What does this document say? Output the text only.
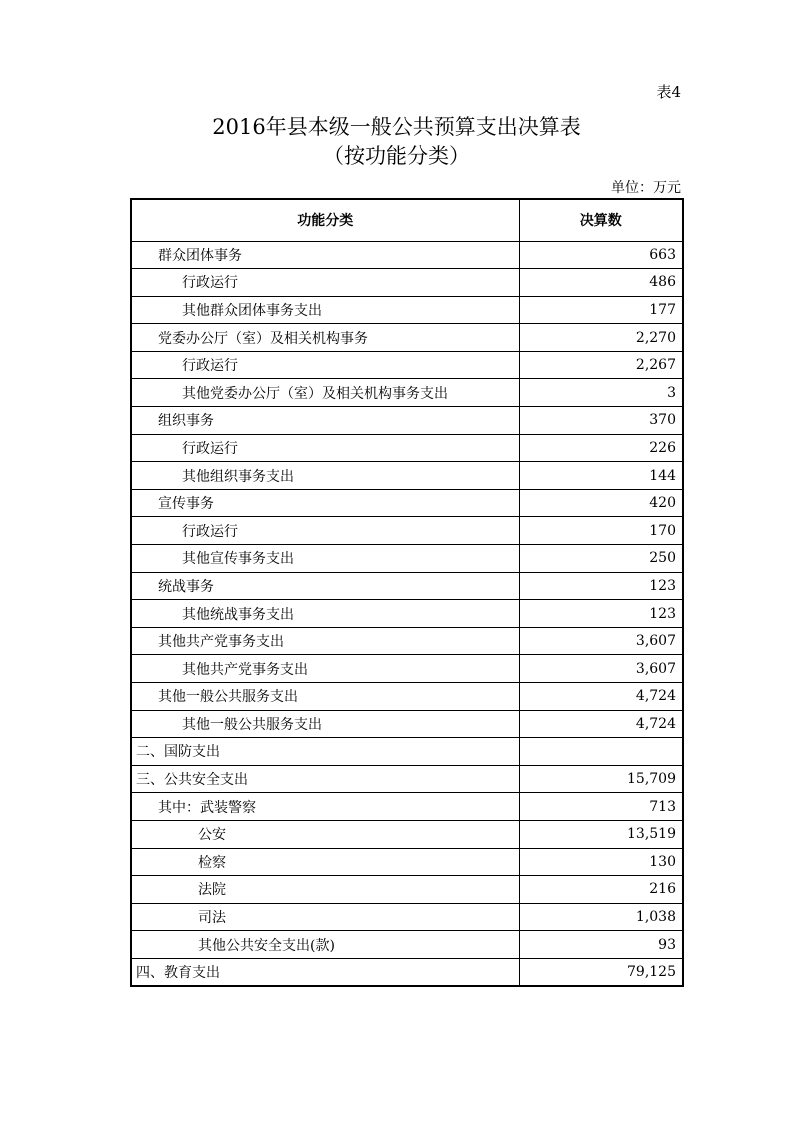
表4
2016年县本级一般公共预算支出决算表
（按功能分类）
单位：万元
功能分类	决算数
群众团体事务	663
行政运行	486
其他群众团体事务支出	177
党委办公厅（室）及相关机构事务	2,270
行政运行	2,267
其他党委办公厅（室）及相关机构事务支出	3
组织事务	370
行政运行	226
其他组织事务支出	144
宣传事务	420
行政运行	170
其他宣传事务支出	250
统战事务	123
其他统战事务支出	123
其他共产党事务支出	3,607
其他共产党事务支出	3,607
其他一般公共服务支出	4,724
其他一般公共服务支出	4,724
二、国防支出	
三、公共安全支出	15,709
其中：武装警察	713
公安	13,519
检察	130
法院	216
司法	1,038
其他公共安全支出(款)	93
四、教育支出	79,125
